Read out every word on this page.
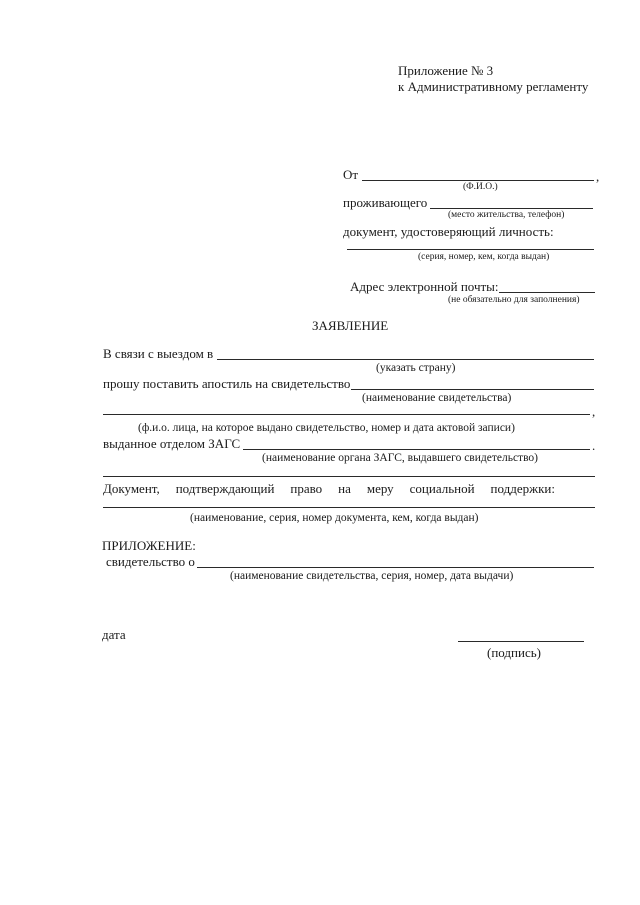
Приложение № 3
к Административному регламенту
От	,
(Ф.И.О.)
проживающего
(место жительства, телефон)
документ, удостоверяющий личность:
(серия, номер, кем, когда выдан)
Адрес электронной почты:
(не обязательно для заполнения)
ЗАЯВЛЕНИЕ
В связи с выездом в
(указать страну)
прошу поставить апостиль на свидетельство
(наименование свидетельства)
,
(ф.и.о. лица, на которое выдано свидетельство, номер и дата актовой записи)
выданное отделом ЗАГС	.
(наименование органа ЗАГС, выдавшего свидетельство)
Документ, подтверждающий право на меру социальной поддержки:
(наименование, серия, номер документа, кем, когда выдан)
ПРИЛОЖЕНИЕ:
свидетельство о
(наименование свидетельства, серия, номер, дата выдачи)
дата
(подпись)
